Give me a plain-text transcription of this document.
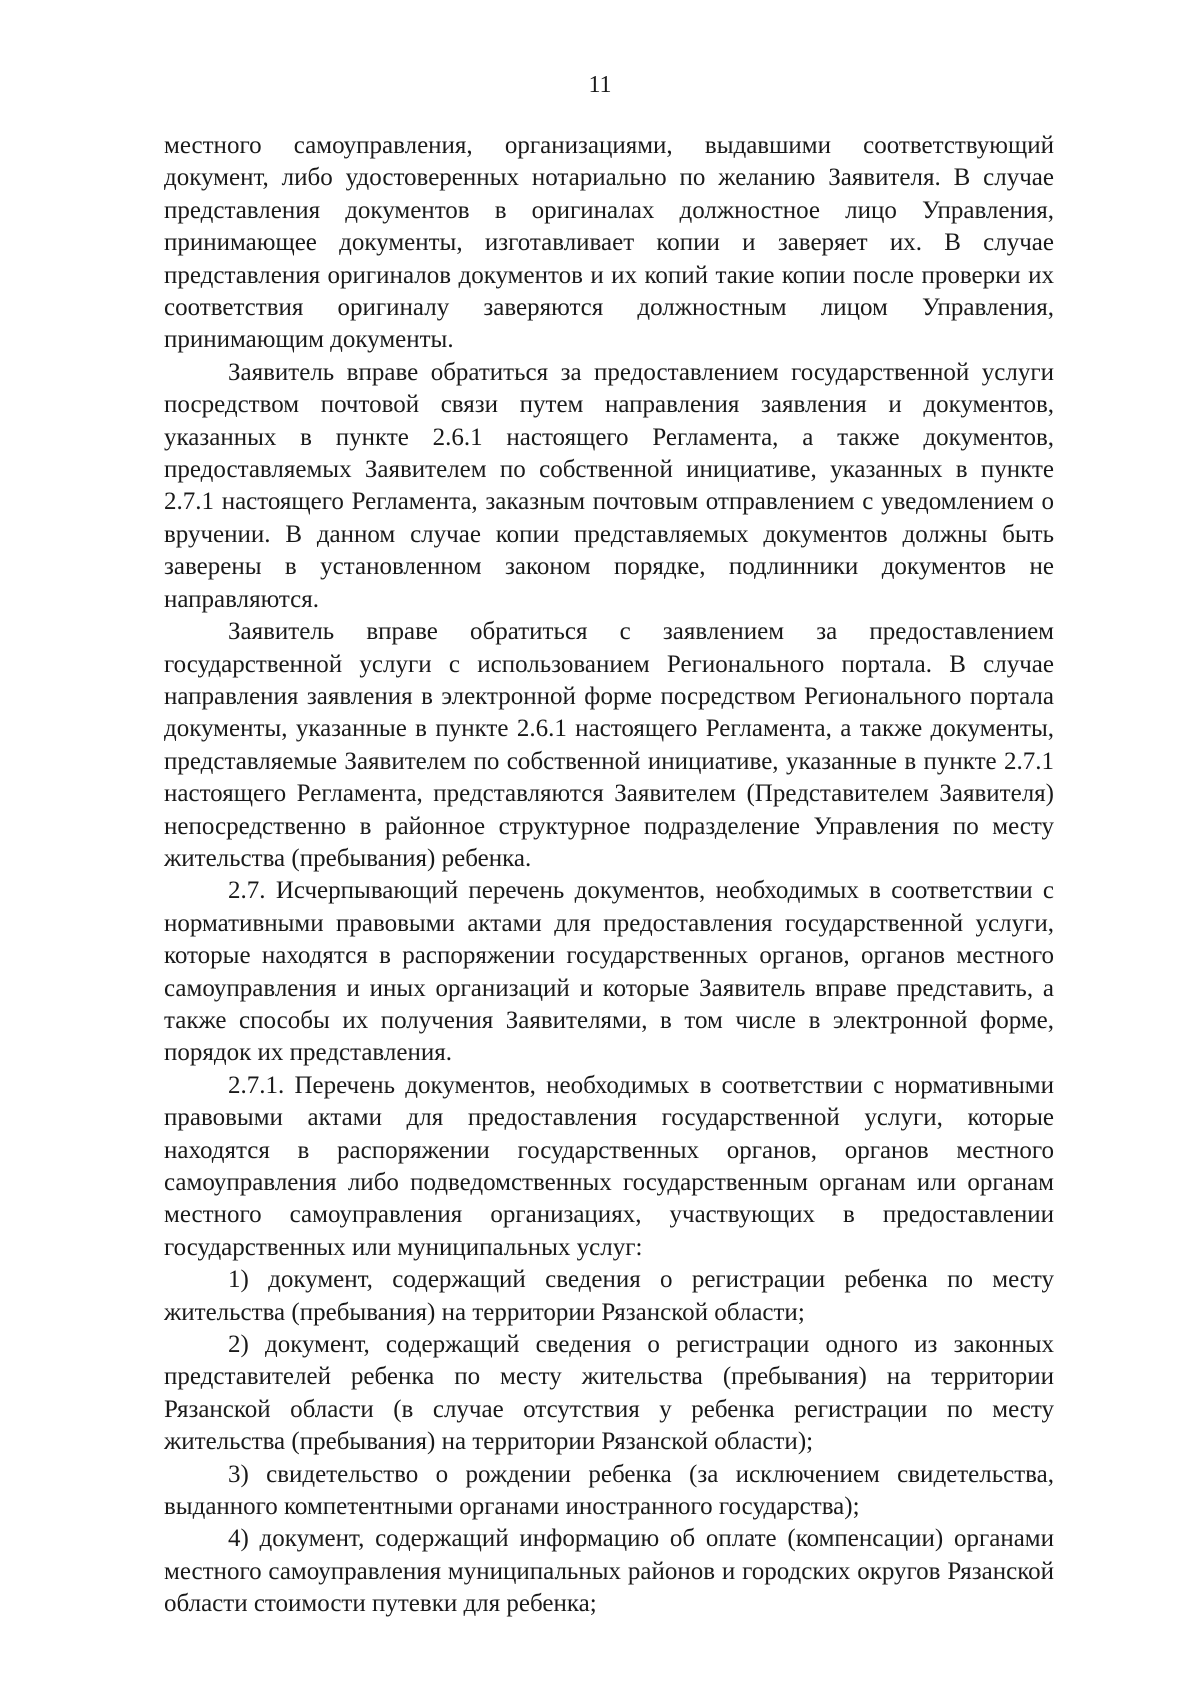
11

местного самоуправления, организациями, выдавшими соответствующий документ, либо удостоверенных нотариально по желанию Заявителя. В случае представления документов в оригиналах должностное лицо Управления, принимающее документы, изготавливает копии и заверяет их. В случае представления оригиналов документов и их копий такие копии после проверки их соответствия оригиналу заверяются должностным лицом Управления, принимающим документы.

Заявитель вправе обратиться за предоставлением государственной услуги посредством почтовой связи путем направления заявления и документов, указанных в пункте 2.6.1 настоящего Регламента, а также документов, предоставляемых Заявителем по собственной инициативе, указанных в пункте 2.7.1 настоящего Регламента, заказным почтовым отправлением с уведомлением о вручении. В данном случае копии представляемых документов должны быть заверены в установленном законом порядке, подлинники документов не направляются.

Заявитель вправе обратиться с заявлением за предоставлением государственной услуги с использованием Регионального портала. В случае направления заявления в электронной форме посредством Регионального портала документы, указанные в пункте 2.6.1 настоящего Регламента, а также документы, представляемые Заявителем по собственной инициативе, указанные в пункте 2.7.1 настоящего Регламента, представляются Заявителем (Представителем Заявителя) непосредственно в районное структурное подразделение Управления по месту жительства (пребывания) ребенка.

2.7. Исчерпывающий перечень документов, необходимых в соответствии с нормативными правовыми актами для предоставления государственной услуги, которые находятся в распоряжении государственных органов, органов местного самоуправления и иных организаций и которые Заявитель вправе представить, а также способы их получения Заявителями, в том числе в электронной форме, порядок их представления.

2.7.1. Перечень документов, необходимых в соответствии с нормативными правовыми актами для предоставления государственной услуги, которые находятся в распоряжении государственных органов, органов местного самоуправления либо подведомственных государственным органам или органам местного самоуправления организациях, участвующих в предоставлении государственных или муниципальных услуг:

1) документ, содержащий сведения о регистрации ребенка по месту жительства (пребывания) на территории Рязанской области;

2) документ, содержащий сведения о регистрации одного из законных представителей ребенка по месту жительства (пребывания) на территории Рязанской области (в случае отсутствия у ребенка регистрации по месту жительства (пребывания) на территории Рязанской области);

3) свидетельство о рождении ребенка (за исключением свидетельства, выданного компетентными органами иностранного государства);

4) документ, содержащий информацию об оплате (компенсации) органами местного самоуправления муниципальных районов и городских округов Рязанской области стоимости путевки для ребенка;
